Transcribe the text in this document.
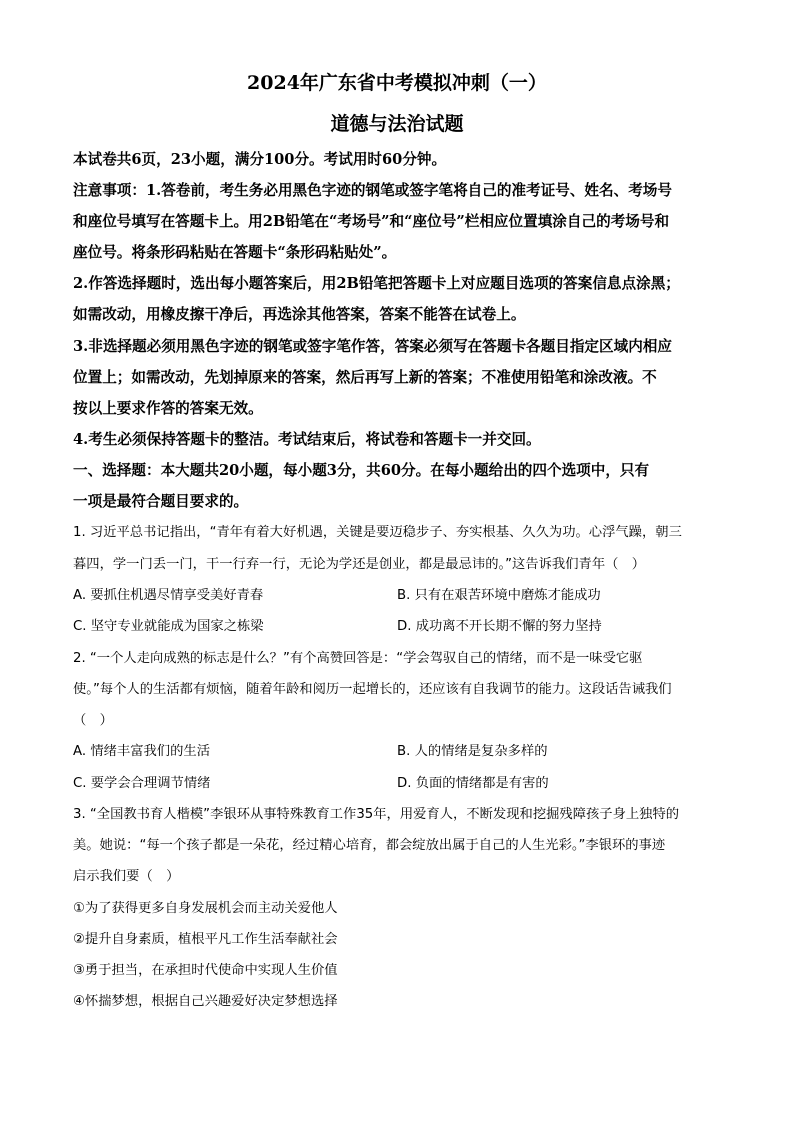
2024年广东省中考模拟冲刺（一）
道德与法治试题
本试卷共6页，23小题，满分100分。考试用时60分钟。
注意事项：1.答卷前，考生务必用黑色字迹的钢笔或签字笔将自己的准考证号、姓名、考场号
和座位号填写在答题卡上。用2B铅笔在“考场号”和“座位号”栏相应位置填涂自己的考场号和
座位号。将条形码粘贴在答题卡“条形码粘贴处”。
2.作答选择题时，选出每小题答案后，用2B铅笔把答题卡上对应题目选项的答案信息点涂黑；
如需改动，用橡皮擦干净后，再选涂其他答案，答案不能答在试卷上。
3.非选择题必须用黑色字迹的钢笔或签字笔作答，答案必须写在答题卡各题目指定区域内相应
位置上；如需改动，先划掉原来的答案，然后再写上新的答案；不准使用铅笔和涂改液。不
按以上要求作答的答案无效。
4.考生必须保持答题卡的整洁。考试结束后，将试卷和答题卡一并交回。
一、选择题：本大题共20小题，每小题3分，共60分。在每小题给出的四个选项中，只有
一项是最符合题目要求的。
1. 习近平总书记指出，“青年有着大好机遇，关键是要迈稳步子、夯实根基、久久为功。心浮气躁，朝三
暮四，学一门丢一门，干一行弃一行，无论为学还是创业，都是最忌讳的。”这告诉我们青年（　）
A. 要抓住机遇尽情享受美好青春	B. 只有在艰苦环境中磨炼才能成功
C. 坚守专业就能成为国家之栋梁	D. 成功离不开长期不懈的努力坚持
2. “一个人走向成熟的标志是什么？”有个高赞回答是：“学会驾驭自己的情绪，而不是一味受它驱
使。”每个人的生活都有烦恼，随着年龄和阅历一起增长的，还应该有自我调节的能力。这段话告诫我们
（　）
A. 情绪丰富我们的生活	B. 人的情绪是复杂多样的
C. 要学会合理调节情绪	D. 负面的情绪都是有害的
3. “全国教书育人楷模”李银环从事特殊教育工作35年，用爱育人，不断发现和挖掘残障孩子身上独特的
美。她说：“每一个孩子都是一朵花，经过精心培育，都会绽放出属于自己的人生光彩。”李银环的事迹
启示我们要（　）
①为了获得更多自身发展机会而主动关爱他人
②提升自身素质，植根平凡工作生活奉献社会
③勇于担当，在承担时代使命中实现人生价值
④怀揣梦想，根据自己兴趣爱好决定梦想选择
